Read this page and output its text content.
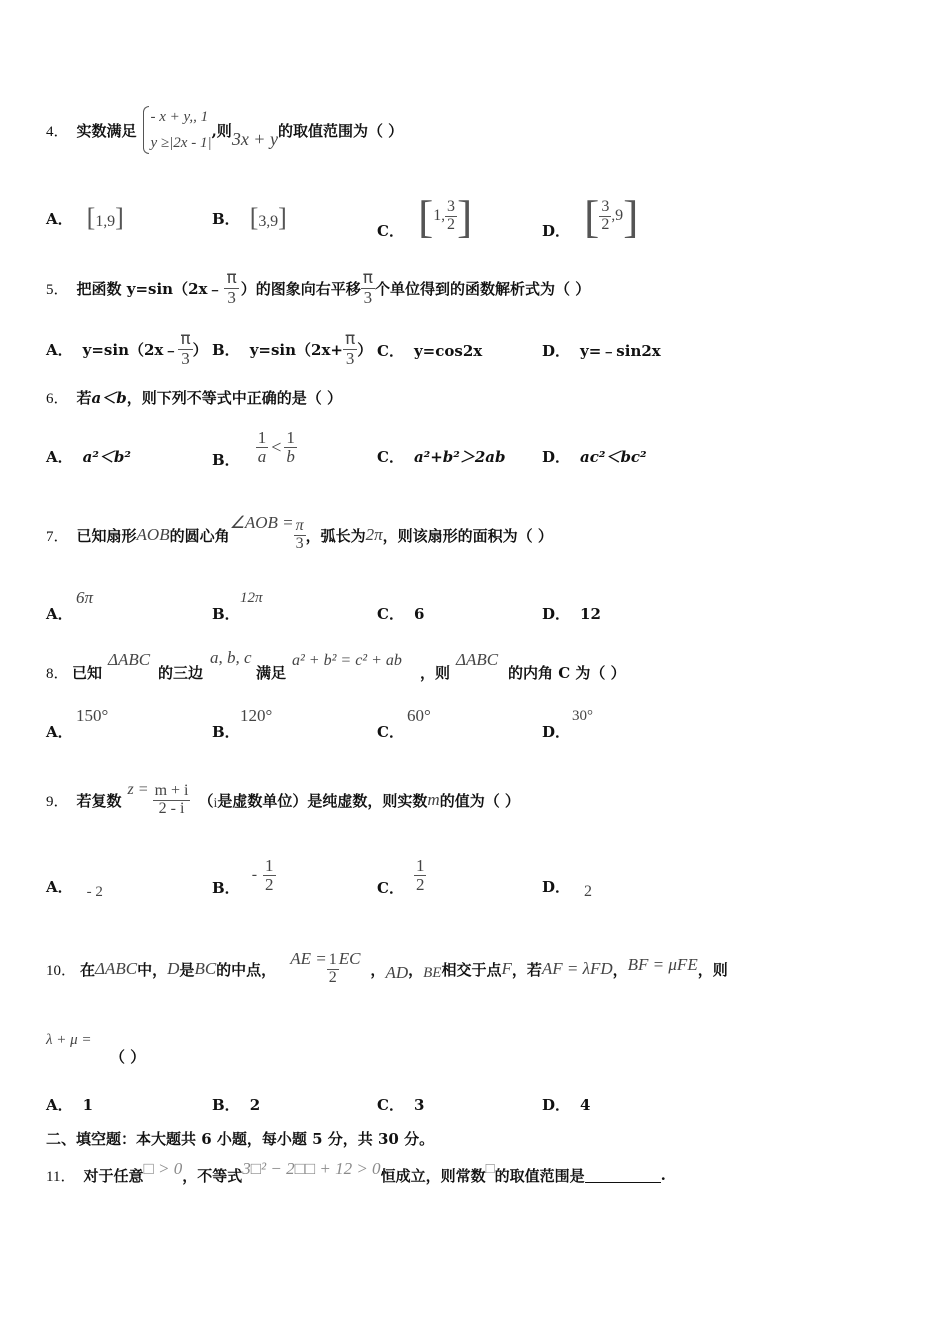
4． 实数满足
- x + y,, 1
y ≥|2x - 1|
,则 3x + y 的取值范围为（ ）
A． [1,9]	B． [3,9]	C． [ 1 , $\frac{3}{2}$ ]	D． [ $\frac{3}{2}$ , 9 ]
5． 把函数 y=sin（2x﹣ $\frac{\pi}{3}$ ）的图象向右平移 $\frac{\pi}{3}$ 个单位得到的函数解析式为（ ）
A． y=sin（2x﹣ $\frac{\pi}{3}$ ） B． $y=\sin(2x+ \frac{\pi}{3}$ ） C． y=cos2x	D． y=﹣sin2x
6． 若a＜b，则下列不等式中正确的是（ ）
A． a²＜b²	B． $\frac{1}{a} < \frac{1}{b}$	C． a²+b²＞2ab D． ac²＜bc²
7． 已知扇形 AOB 的圆心角
∠AOB = $\frac{\pi}{3}$ ，弧长为 2π ，则该扇形的面积为（ ）
A．
6π
B．
12π
C． 6	D． 12
8． 已知
ΔABC
的三边
a, b, c
满足
a² + b² = c² + ab
，则
ΔABC
的内角 C 为（ ）
A．
150°
B．
120°
C．
60°
D．
30°
9． 若复数
$z = \frac{m + i}{2 - i}$ （ i 是虚数单位）是纯虚数，则实数 m 的值为（ ）
A． - 2	B．
- $\frac{1}{2}$	C． $\frac{1}{2}$	D． 2
10． 在 ΔABC 中， D 是 BC 的中点，
AE = $\frac{1}{2}$ EC
， AD ， BE 相交于点 F ，若 AF = λFD ， BF = μFE ，则
λ + μ =
（ ）
A． 1	B． 2	C． 3	D． 4
二、填空题：本大题共 6 小题，每小题 5 分，共 30 分。
11． 对于任意 □ > 0 ，不等式 3□² − 2□□ + 12 > 0 恒成立，则常数 □ 的取值范围是	.
